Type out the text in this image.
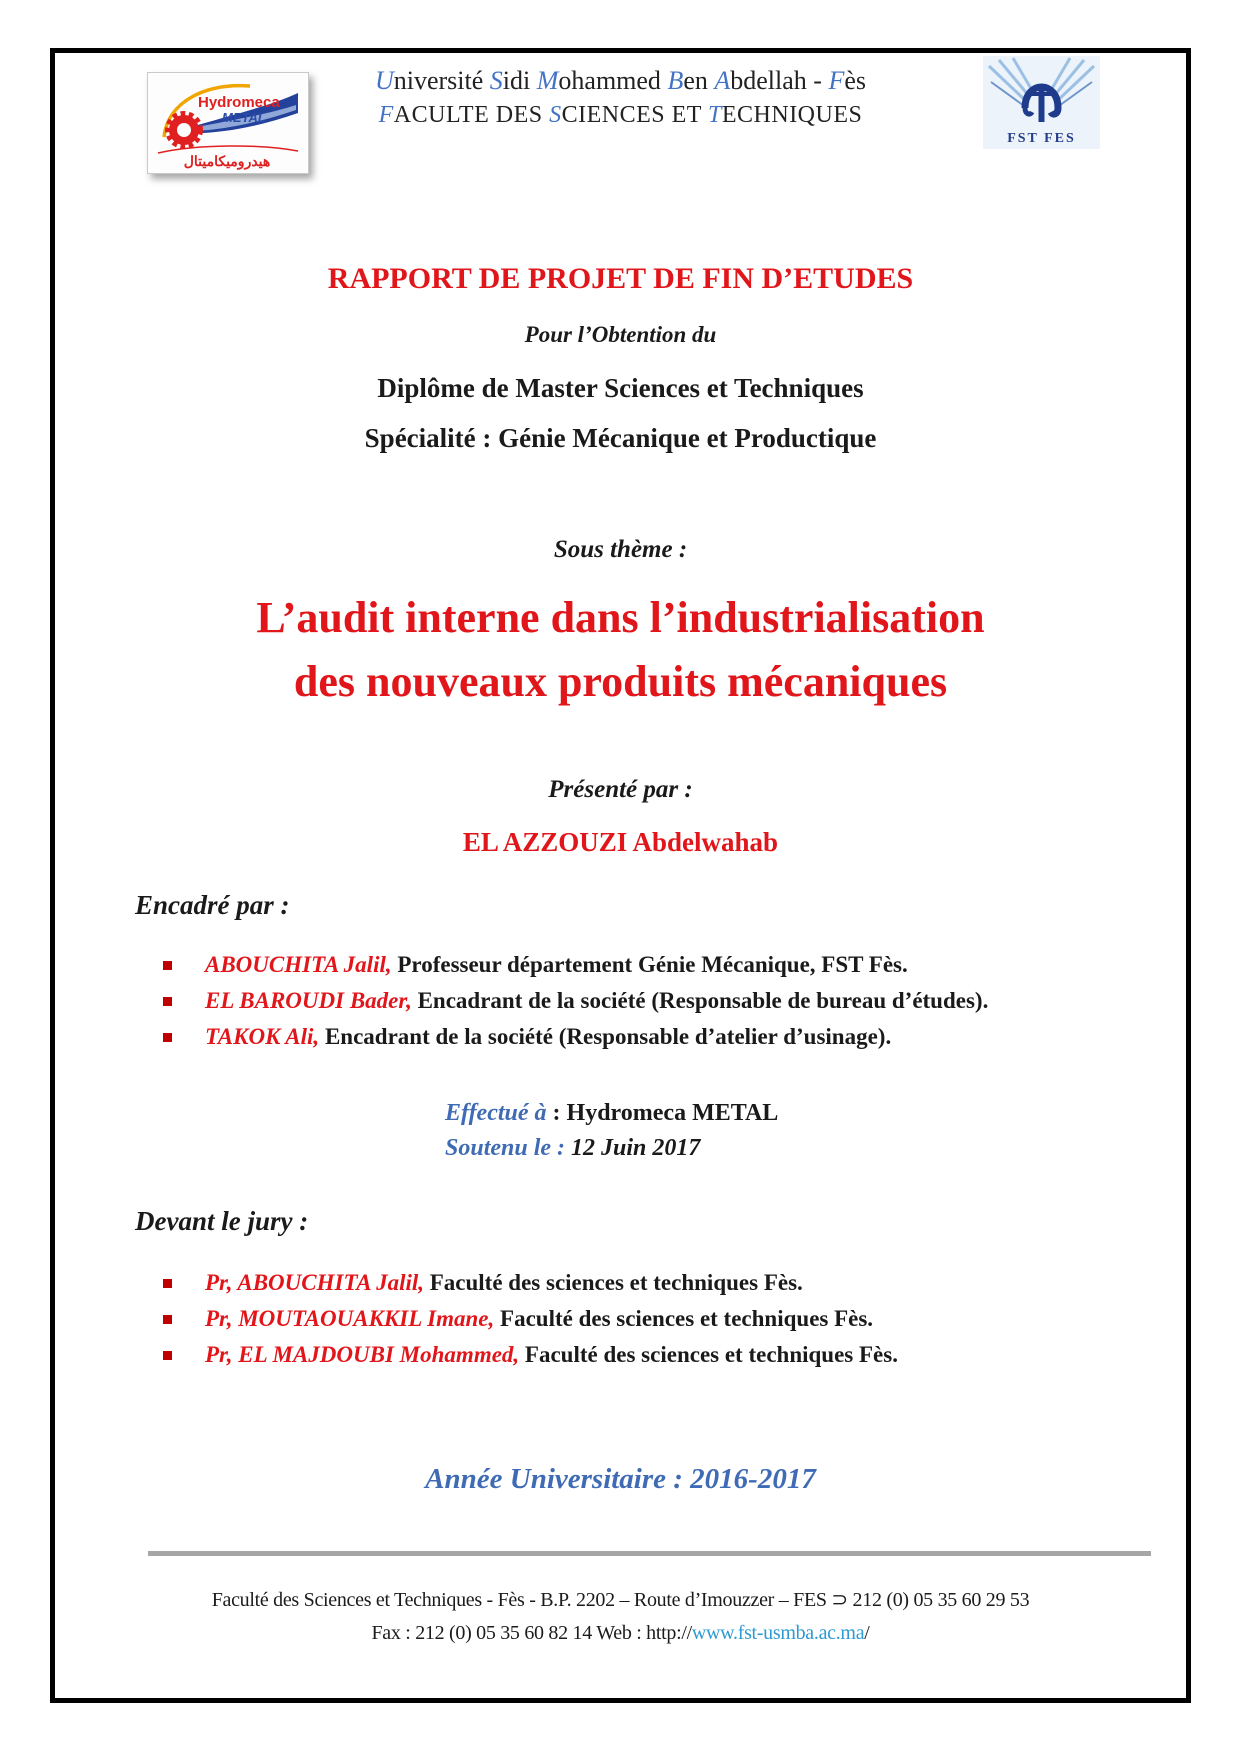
Université Sidi Mohammed Ben Abdellah - Fès
FACULTE DES SCIENCES ET TECHNIQUES
Hydromeca
METAL
هيدروميكاميتال
FST FES
RAPPORT DE PROJET DE FIN D’ETUDES
Pour l’Obtention du
Diplôme de Master Sciences et Techniques
Spécialité : Génie Mécanique et Productique
Sous thème :
L’audit interne dans l’industrialisation
des nouveaux produits mécaniques
Présenté par :
EL AZZOUZI Abdelwahab
Encadré par :
ABOUCHITA Jalil, Professeur département Génie Mécanique, FST Fès.
EL BAROUDI Bader, Encadrant de la société (Responsable de bureau d’études).
TAKOK Ali, Encadrant de la société (Responsable d’atelier d’usinage).
Effectué à : Hydromeca METAL
Soutenu le : 12 Juin 2017
Devant le jury :
Pr, ABOUCHITA Jalil, Faculté des sciences et techniques Fès.
Pr, MOUTAOUAKKIL Imane, Faculté des sciences et techniques Fès.
Pr, EL MAJDOUBI Mohammed, Faculté des sciences et techniques Fès.
Année Universitaire : 2016-2017
Faculté des Sciences et Techniques - Fès - B.P. 2202 – Route d’Imouzzer – FES ⊃ 212 (0) 05 35 60 29 53
Fax : 212 (0) 05 35 60 82 14 Web : http://www.fst-usmba.ac.ma/
